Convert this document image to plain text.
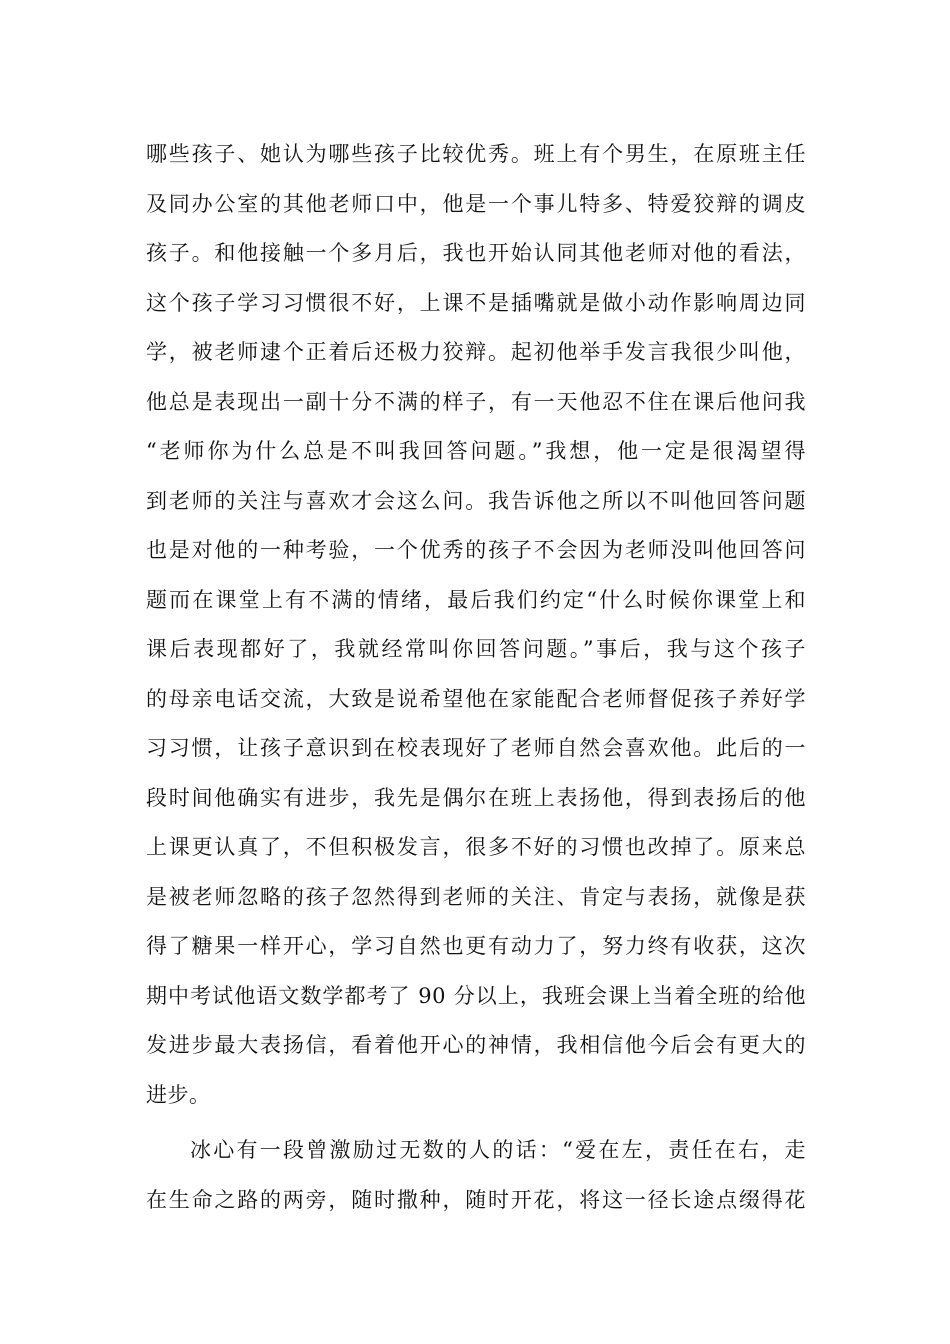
哪些孩子、她认为哪些孩子比较优秀。班上有个男生，在原班主任
及同办公室的其他老师口中，他是一个事儿特多、特爱狡辩的调皮
孩子。和他接触一个多月后，我也开始认同其他老师对他的看法，
这个孩子学习习惯很不好，上课不是插嘴就是做小动作影响周边同
学，被老师逮个正着后还极力狡辩。起初他举手发言我很少叫他，
他总是表现出一副十分不满的样子，有一天他忍不住在课后他问我
“老师你为什么总是不叫我回答问题。”我想，他一定是很渴望得
到老师的关注与喜欢才会这么问。我告诉他之所以不叫他回答问题
也是对他的一种考验，一个优秀的孩子不会因为老师没叫他回答问
题而在课堂上有不满的情绪，最后我们约定“什么时候你课堂上和
课后表现都好了，我就经常叫你回答问题。”事后，我与这个孩子
的母亲电话交流，大致是说希望他在家能配合老师督促孩子养好学
习习惯，让孩子意识到在校表现好了老师自然会喜欢他。此后的一
段时间他确实有进步，我先是偶尔在班上表扬他，得到表扬后的他
上课更认真了，不但积极发言，很多不好的习惯也改掉了。原来总
是被老师忽略的孩子忽然得到老师的关注、肯定与表扬，就像是获
得了糖果一样开心，学习自然也更有动力了，努力终有收获，这次
期中考试他语文数学都考了 90 分以上，我班会课上当着全班的给他
发进步最大表扬信，看着他开心的神情，我相信他今后会有更大的
进步。
冰心有一段曾激励过无数的人的话：“爱在左，责任在右，走
在生命之路的两旁，随时撒种，随时开花，将这一径长途点缀得花
